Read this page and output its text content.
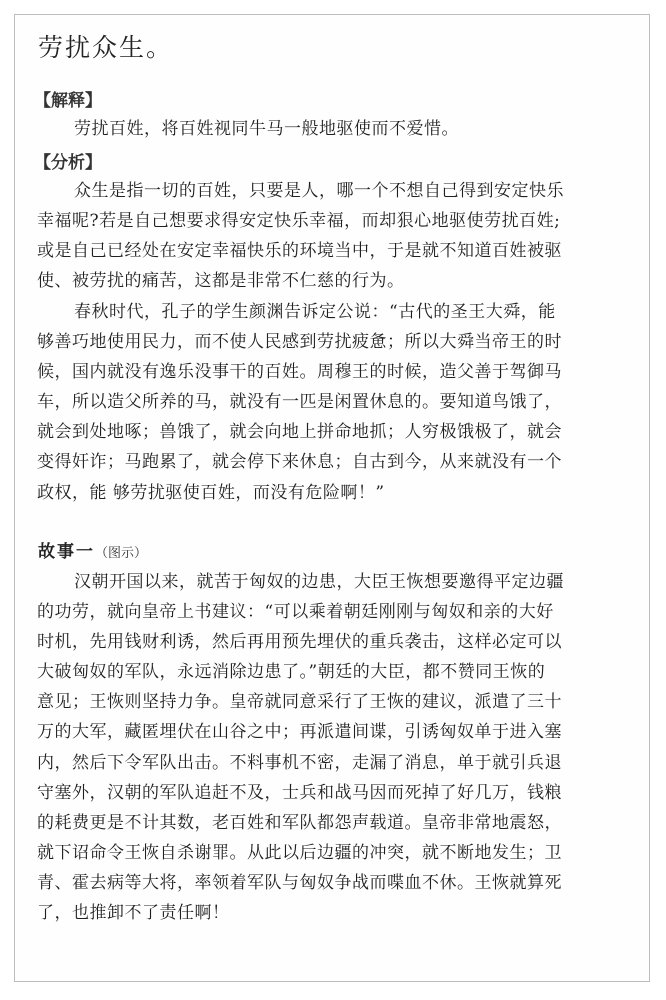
劳扰众生。
【解释】
劳扰百姓，将百姓视同牛马一般地驱使而不爱惜。
【分析】
众生是指一切的百姓，只要是人，哪一个不想自己得到安定快乐
幸福呢?若是自己想要求得安定快乐幸福，而却狠心地驱使劳扰百姓;
或是自己已经处在安定幸福快乐的环境当中，于是就不知道百姓被驱
使、被劳扰的痛苦，这都是非常不仁慈的行为。
春秋时代，孔子的学生颜渊告诉定公说：“古代的圣王大舜，能
够善巧地使用民力，而不使人民感到劳扰疲惫；所以大舜当帝王的时
候，国内就没有逸乐没事干的百姓。周穆王的时候，造父善于驾御马
车，所以造父所养的马，就没有一匹是闲置休息的。要知道鸟饿了，
就会到处地啄；兽饿了，就会向地上拼命地抓；人穷极饿极了，就会
变得奸诈；马跑累了，就会停下来休息；自古到今，从来就没有一个
政权，能 够劳扰驱使百姓，而没有危险啊！”
故事一（图示）
汉朝开国以来，就苦于匈奴的边患，大臣王恢想要邀得平定边疆
的功劳，就向皇帝上书建议：“可以乘着朝廷刚刚与匈奴和亲的大好
时机，先用钱财利诱，然后再用预先埋伏的重兵袭击，这样必定可以
大破匈奴的军队，永远消除边患了。”朝廷的大臣，都不赞同王恢的
意见；王恢则坚持力争。皇帝就同意采行了王恢的建议，派遣了三十
万的大军，藏匿埋伏在山谷之中；再派遣间谍，引诱匈奴单于进入塞
内，然后下令军队出击。不料事机不密，走漏了消息，单于就引兵退
守塞外，汉朝的军队追赶不及，士兵和战马因而死掉了好几万，钱粮
的耗费更是不计其数，老百姓和军队都怨声载道。皇帝非常地震怒，
就下诏命令王恢自杀谢罪。从此以后边疆的冲突，就不断地发生；卫
青、霍去病等大将，率领着军队与匈奴争战而喋血不休。王恢就算死
了，也推卸不了责任啊！
